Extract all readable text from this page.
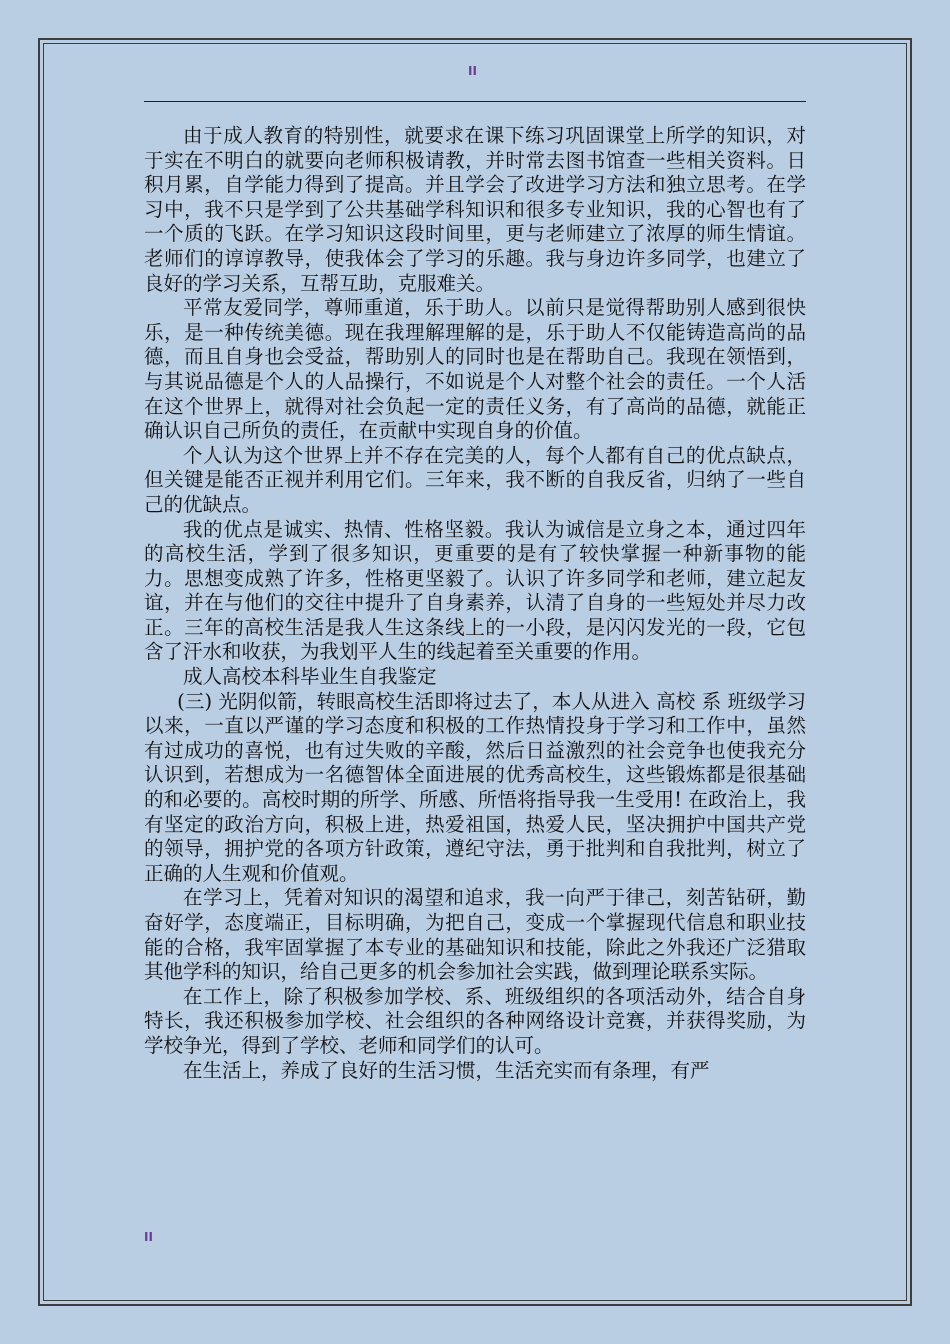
II

由于成人教育的特别性，就要求在课下练习巩固课堂上所学的知识，对于实在不明白的就要向老师积极请教，并时常去图书馆查一些相关资料。日积月累，自学能力得到了提高。并且学会了改进学习方法和独立思考。在学习中，我不只是学到了公共基础学科知识和很多专业知识，我的心智也有了一个质的飞跃。在学习知识这段时间里，更与老师建立了浓厚的师生情谊。老师们的谆谆教导，使我体会了学习的乐趣。我与身边许多同学，也建立了良好的学习关系，互帮互助，克服难关。

平常友爱同学，尊师重道，乐于助人。以前只是觉得帮助别人感到很快乐，是一种传统美德。现在我理解理解的是，乐于助人不仅能铸造高尚的品德，而且自身也会受益，帮助别人的同时也是在帮助自己。我现在领悟到，与其说品德是个人的人品操行，不如说是个人对整个社会的责任。一个人活在这个世界上，就得对社会负起一定的责任义务，有了高尚的品德，就能正确认识自己所负的责任，在贡献中实现自身的价值。

个人认为这个世界上并不存在完美的人，每个人都有自己的优点缺点，但关键是能否正视并利用它们。三年来，我不断的自我反省，归纳了一些自己的优缺点。

我的优点是诚实、热情、性格坚毅。我认为诚信是立身之本，通过四年的高校生活，学到了很多知识，更重要的是有了较快掌握一种新事物的能力。思想变成熟了许多，性格更坚毅了。认识了许多同学和老师，建立起友谊，并在与他们的交往中提升了自身素养，认清了自身的一些短处并尽力改正。三年的高校生活是我人生这条线上的一小段，是闪闪发光的一段，它包含了汗水和收获，为我划平人生的线起着至关重要的作用。

成人高校本科毕业生自我鉴定

(三) 光阴似箭，转眼高校生活即将过去了，本人从进入 高校 系 班级学习以来，一直以严谨的学习态度和积极的工作热情投身于学习和工作中，虽然有过成功的喜悦，也有过失败的辛酸，然后日益激烈的社会竞争也使我充分认识到，若想成为一名德智体全面进展的优秀高校生，这些锻炼都是很基础的和必要的。高校时期的所学、所感、所悟将指导我一生受用! 在政治上，我有坚定的政治方向，积极上进，热爱祖国，热爱人民，坚决拥护中国共产党的领导，拥护党的各项方针政策，遵纪守法，勇于批判和自我批判，树立了正确的人生观和价值观。

在学习上，凭着对知识的渴望和追求，我一向严于律己，刻苦钻研，勤奋好学，态度端正，目标明确，为把自己，变成一个掌握现代信息和职业技能的合格，我牢固掌握了本专业的基础知识和技能，除此之外我还广泛猎取其他学科的知识，给自己更多的机会参加社会实践，做到理论联系实际。

在工作上，除了积极参加学校、系、班级组织的各项活动外，结合自身特长，我还积极参加学校、社会组织的各种网络设计竞赛，并获得奖励，为学校争光，得到了学校、老师和同学们的认可。

在生活上，养成了良好的生活习惯，生活充实而有条理，有严

II
